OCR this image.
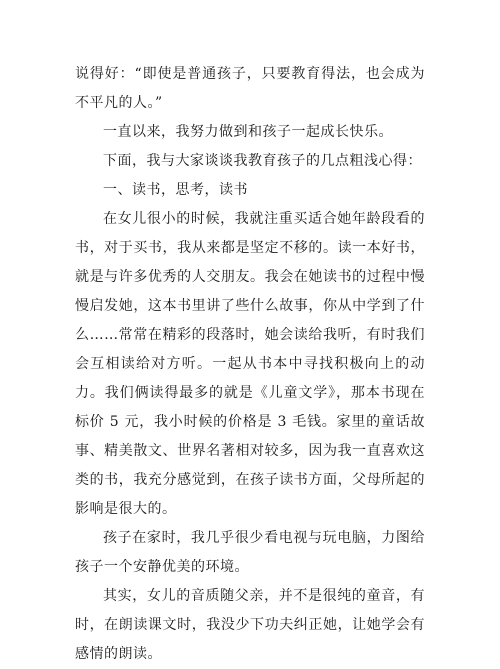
说得好：“即使是普通孩子，只要教育得法，也会成为不平凡的人。”

一直以来，我努力做到和孩子一起成长快乐。

下面，我与大家谈谈我教育孩子的几点粗浅心得：

一、读书，思考，读书

在女儿很小的时候，我就注重买适合她年龄段看的书，对于买书，我从来都是坚定不移的。读一本好书，就是与许多优秀的人交朋友。我会在她读书的过程中慢慢启发她，这本书里讲了些什么故事，你从中学到了什么……常常在精彩的段落时，她会读给我听，有时我们会互相读给对方听。一起从书本中寻找积极向上的动力。我们俩读得最多的就是《儿童文学》，那本书现在标价 5 元，我小时候的价格是 3 毛钱。家里的童话故事、精美散文、世界名著相对较多，因为我一直喜欢这类的书，我充分感觉到，在孩子读书方面，父母所起的影响是很大的。

孩子在家时，我几乎很少看电视与玩电脑，力图给孩子一个安静优美的环境。

其实，女儿的音质随父亲，并不是很纯的童音，有时，在朗读课文时，我没少下功夫纠正她，让她学会有感情的朗读。
